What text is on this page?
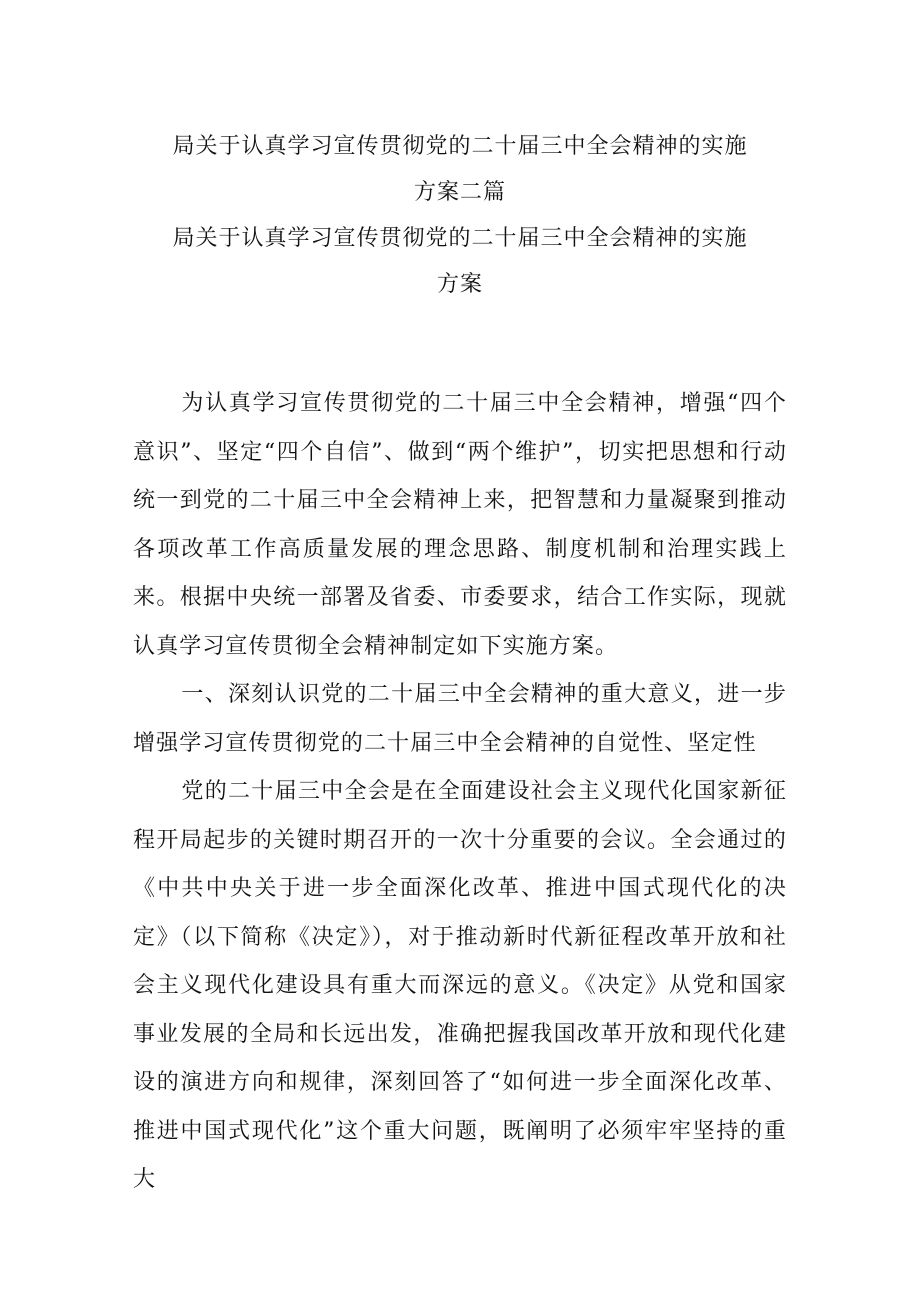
局关于认真学习宣传贯彻党的二十届三中全会精神的实施
方案二篇
局关于认真学习宣传贯彻党的二十届三中全会精神的实施
方案

为认真学习宣传贯彻党的二十届三中全会精神，增强“四个意识”、坚定“四个自信”、做到“两个维护”，切实把思想和行动统一到党的二十届三中全会精神上来，把智慧和力量凝聚到推动各项改革工作高质量发展的理念思路、制度机制和治理实践上来。根据中央统一部署及省委、市委要求，结合工作实际，现就认真学习宣传贯彻全会精神制定如下实施方案。

一、深刻认识党的二十届三中全会精神的重大意义，进一步增强学习宣传贯彻党的二十届三中全会精神的自觉性、坚定性

党的二十届三中全会是在全面建设社会主义现代化国家新征程开局起步的关键时期召开的一次十分重要的会议。全会通过的《中共中央关于进一步全面深化改革、推进中国式现代化的决定》（以下简称《决定》），对于推动新时代新征程改革开放和社会主义现代化建设具有重大而深远的意义。《决定》从党和国家事业发展的全局和长远出发，准确把握我国改革开放和现代化建设的演进方向和规律，深刻回答了“如何进一步全面深化改革、推进中国式现代化”这个重大问题，既阐明了必须牢牢坚持的重大
